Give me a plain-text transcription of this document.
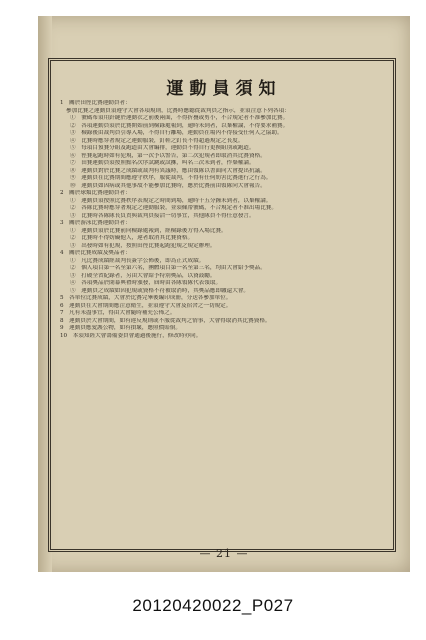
運動員須知
1　關於田徑比賽運動員者：
參加比賽之運動員須遵守大會各項規則，比賽時應聽從裁判員之指示，並須注意下列各項：
①　號碼布須用針縫於運動衣之前後兩面，不得折疊或剪小，不合規定者不准參加比賽。
②　各項運動員須於比賽開始前到檢錄處報到，逾時未到者，以棄權論，不得要求補賽。
③　檢錄後由裁判員引導入場，不得自行離場，運動員在場內不得接受任何人之協助。
④　比賽時應穿著規定之運動服裝，釘鞋之釘長不得超過規定之長度。
⑤　每項目預賽分組及跑道由大會編排，運動員不得自行更換組別或跑道。
⑥　徑賽起跑時如有犯規，第一次予以警告，第二次犯規者即取消其比賽資格。
⑦　田賽運動員須按照點名次序試跳或試擲，叫名三次未到者，作棄權論。
⑧　運動員對於比賽之成績或裁判有異議時，應由領隊以書面向大會提出抗議。
⑨　運動員在比賽期間應遵守秩序，服從裁判，不得有任何妨害比賽進行之行為。
⑩　運動員如因病或其他事故不能參加比賽時，應於比賽前由領隊向大會報告。
2　關於球類比賽運動員者：
①　運動員須按照比賽秩序表規定之時間到場，逾時十五分鐘未到者，以棄權論。
②　各隊比賽時應穿著規定之運動服裝，並須佩帶號碼，不合規定者不准出場比賽。
③　比賽時各隊隊長負責與裁判員接洽一切事宜，其他隊員不得任意發言。
3　關於游泳比賽運動員者：
①　運動員須於比賽前向檢錄處報到，經檢錄後方得入場比賽。
②　比賽時不得妨礙他人，違者取消其比賽資格。
③　出發時如有犯規，按照田徑比賽起跑犯規之規定辦理。
4　關於比賽成績及獎品者：
①　凡比賽成績經裁判長簽字公佈後，即為正式成績。
②　個人項目第一名至第六名，團體項目第一名至第三名，均由大會給予獎品。
③　打破全省紀錄者，另由大會給予特別獎品，以資鼓勵。
④　各項獎品於閉幕典禮時頒發，屆時由各隊領隊代表領取。
⑤　運動員之成績如因犯規或資格不符被取消時，其獎品應即繳還大會。
5　各單位比賽成績，大會於比賽完畢後編印成冊，分送各參加單位。
6　運動員在大會期間應注意衛生，並須遵守大會及宿舍之一切規定。
7　凡有未盡事宜，得由大會隨時補充公佈之。
8　運動員於大會期間，如有違反規則或不服從裁判之情事，大會得取消其比賽資格。
9　運動員應愛護公物，如有損壞，應照價賠償。
10　本須知經大會籌備委員會通過後施行，修改時亦同。
— 21 —
20120420022_P027
